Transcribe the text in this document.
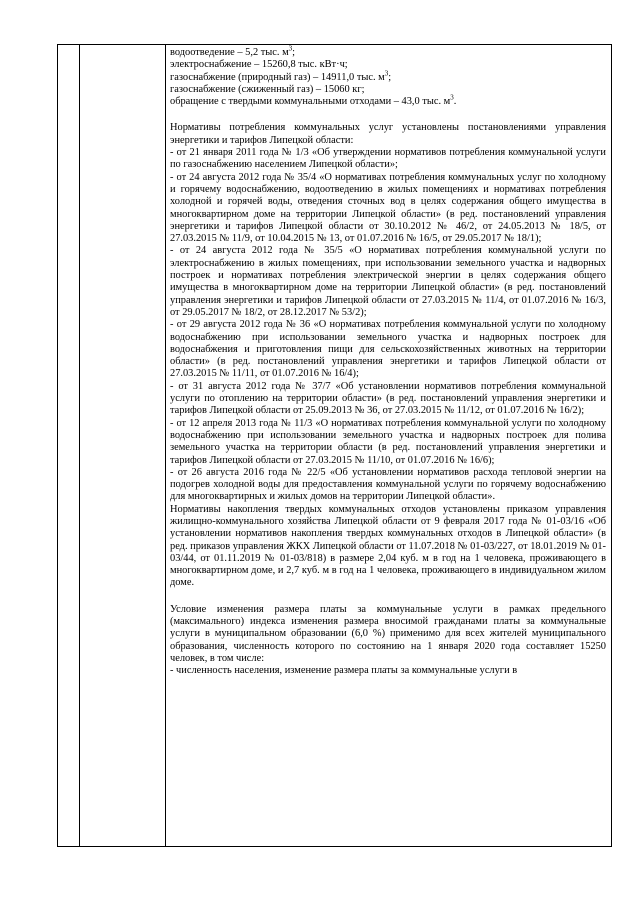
водоотведение – 5,2 тыс. $м^3$;

электроснабжение – 15260,8 тыс. кВт·ч;

газоснабжение (природный газ) – 14911,0 тыс. $м^3$;

газоснабжение (сжиженный газ) – 15060 кг;

обращение с твердыми коммунальными отходами – 43,0 тыс. $м^3$.

Нормативы потребления коммунальных услуг установлены постановлениями управления энергетики и тарифов Липецкой области:

- от 21 января 2011 года № 1/3 «Об утверждении нормативов потребления коммунальной услуги по газоснабжению населением Липецкой области»;

- от 24 августа 2012 года № 35/4 «О нормативах потребления коммунальных услуг по холодному и горячему водоснабжению, водоотведению в жилых помещениях и нормативах потребления холодной и горячей воды, отведения сточных вод в целях содержания общего имущества в многоквартирном доме на территории Липецкой области» (в ред. постановлений управления энергетики и тарифов Липецкой области от 30.10.2012 № 46/2, от 24.05.2013 № 18/5, от 27.03.2015 № 11/9, от 10.04.2015 № 13, от 01.07.2016 № 16/5, от 29.05.2017 № 18/1);

- от 24 августа 2012 года № 35/5 «О нормативах потребления коммунальной услуги по электроснабжению в жилых помещениях, при использовании земельного участка и надворных построек и нормативах потребления электрической энергии в целях содержания общего имущества в многоквартирном доме на территории Липецкой области» (в ред. постановлений управления энергетики и тарифов Липецкой области от 27.03.2015 № 11/4, от 01.07.2016 № 16/3, от 29.05.2017 № 18/2, от 28.12.2017 № 53/2);

- от 29 августа 2012 года № 36 «О нормативах потребления коммунальной услуги по холодному водоснабжению при использовании земельного участка и надворных построек для водоснабжения и приготовления пищи для сельскохозяйственных животных на территории области» (в ред. постановлений управления энергетики и тарифов Липецкой области от 27.03.2015 № 11/11, от 01.07.2016 № 16/4);

- от 31 августа 2012 года № 37/7 «Об установлении нормативов потребления коммунальной услуги по отоплению на территории области» (в ред. постановлений управления энергетики и тарифов Липецкой области от 25.09.2013 № 36, от 27.03.2015 № 11/12, от 01.07.2016 № 16/2);

- от 12 апреля 2013 года № 11/3 «О нормативах потребления коммунальной услуги по холодному водоснабжению при использовании земельного участка и надворных построек для полива земельного участка на территории области (в ред. постановлений управления энергетики и тарифов Липецкой области от 27.03.2015 № 11/10, от 01.07.2016 № 16/6);

- от 26 августа 2016 года № 22/5 «Об установлении нормативов расхода тепловой энергии на подогрев холодной воды для предоставления коммунальной услуги по горячему водоснабжению для многоквартирных и жилых домов на территории Липецкой области».

Нормативы накопления твердых коммунальных отходов установлены приказом управления жилищно-коммунального хозяйства Липецкой области от 9 февраля 2017 года № 01-03/16 «Об установлении нормативов накопления твердых коммунальных отходов в Липецкой области» (в ред. приказов управления ЖКХ Липецкой области от 11.07.2018 № 01-03/227, от 18.01.2019 № 01-03/44, от 01.11.2019 № 01-03/818) в размере 2,04 куб. м в год на 1 человека, проживающего в многоквартирном доме, и 2,7 куб. м в год на 1 человека, проживающего в индивидуальном жилом доме.

Условие изменения размера платы за коммунальные услуги в рамках предельного (максимального) индекса изменения размера вносимой гражданами платы за коммунальные услуги в муниципальном образовании (6,0 %) применимо для всех жителей муниципального образования, численность которого по состоянию на 1 января 2020 года составляет 15250 человек, в том числе:

- численность населения, изменение размера платы за коммунальные услуги в
